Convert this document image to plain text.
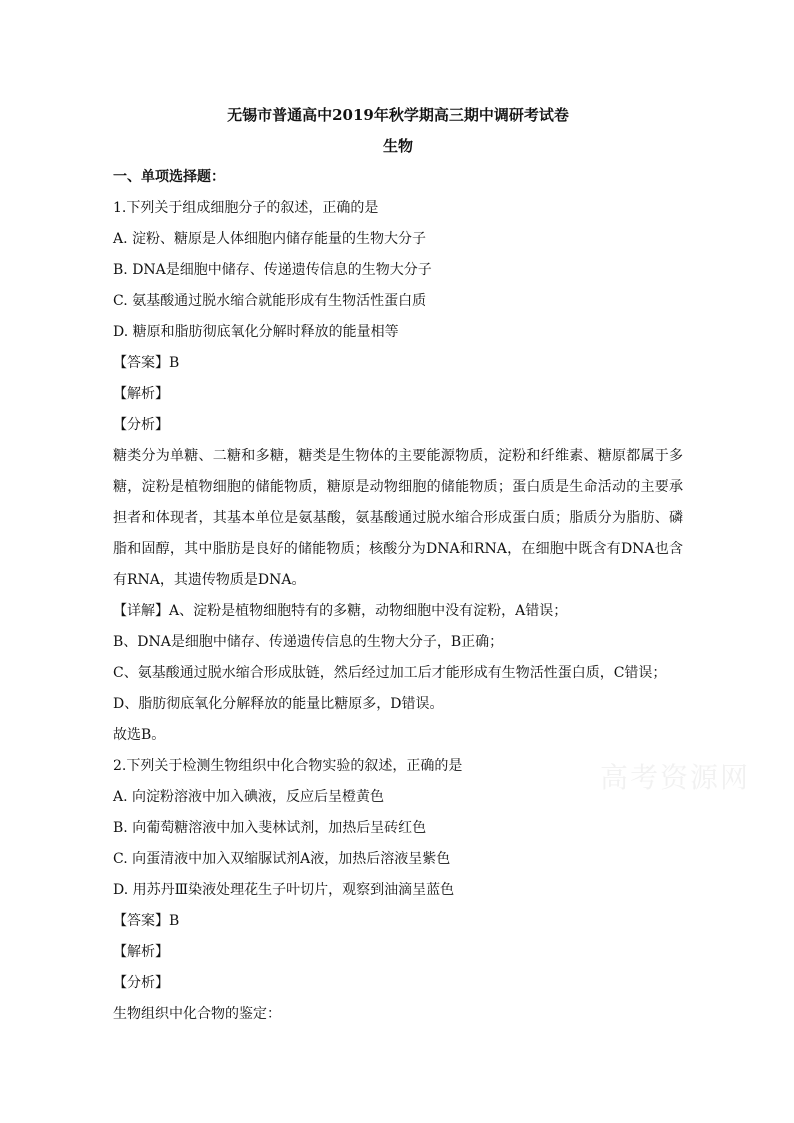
无锡市普通高中2019年秋学期高三期中调研考试卷
生物
一、单项选择题：
1.下列关于组成细胞分子的叙述，正确的是
A. 淀粉、糖原是人体细胞内储存能量的生物大分子
B. DNA是细胞中储存、传递遗传信息的生物大分子
C. 氨基酸通过脱水缩合就能形成有生物活性蛋白质
D. 糖原和脂肪彻底氧化分解时释放的能量相等
【答案】B
【解析】
【分析】
糖类分为单糖、二糖和多糖，糖类是生物体的主要能源物质，淀粉和纤维素、糖原都属于多糖，淀粉是植物细胞的储能物质，糖原是动物细胞的储能物质；蛋白质是生命活动的主要承担者和体现者，其基本单位是氨基酸，氨基酸通过脱水缩合形成蛋白质；脂质分为脂肪、磷脂和固醇，其中脂肪是良好的储能物质；核酸分为DNA和RNA，在细胞中既含有DNA也含有RNA，其遗传物质是DNA。
【详解】A、淀粉是植物细胞特有的多糖，动物细胞中没有淀粉，A错误；
B、DNA是细胞中储存、传递遗传信息的生物大分子，B正确；
C、氨基酸通过脱水缩合形成肽链，然后经过加工后才能形成有生物活性蛋白质，C错误；
D、脂肪彻底氧化分解释放的能量比糖原多，D错误。
故选B。
2.下列关于检测生物组织中化合物实验的叙述，正确的是
A. 向淀粉溶液中加入碘液，反应后呈橙黄色
B. 向葡萄糖溶液中加入斐林试剂，加热后呈砖红色
C. 向蛋清液中加入双缩脲试剂A液，加热后溶液呈紫色
D. 用苏丹Ⅲ染液处理花生子叶切片，观察到油滴呈蓝色
【答案】B
【解析】
【分析】
生物组织中化合物的鉴定：
高考资源网
